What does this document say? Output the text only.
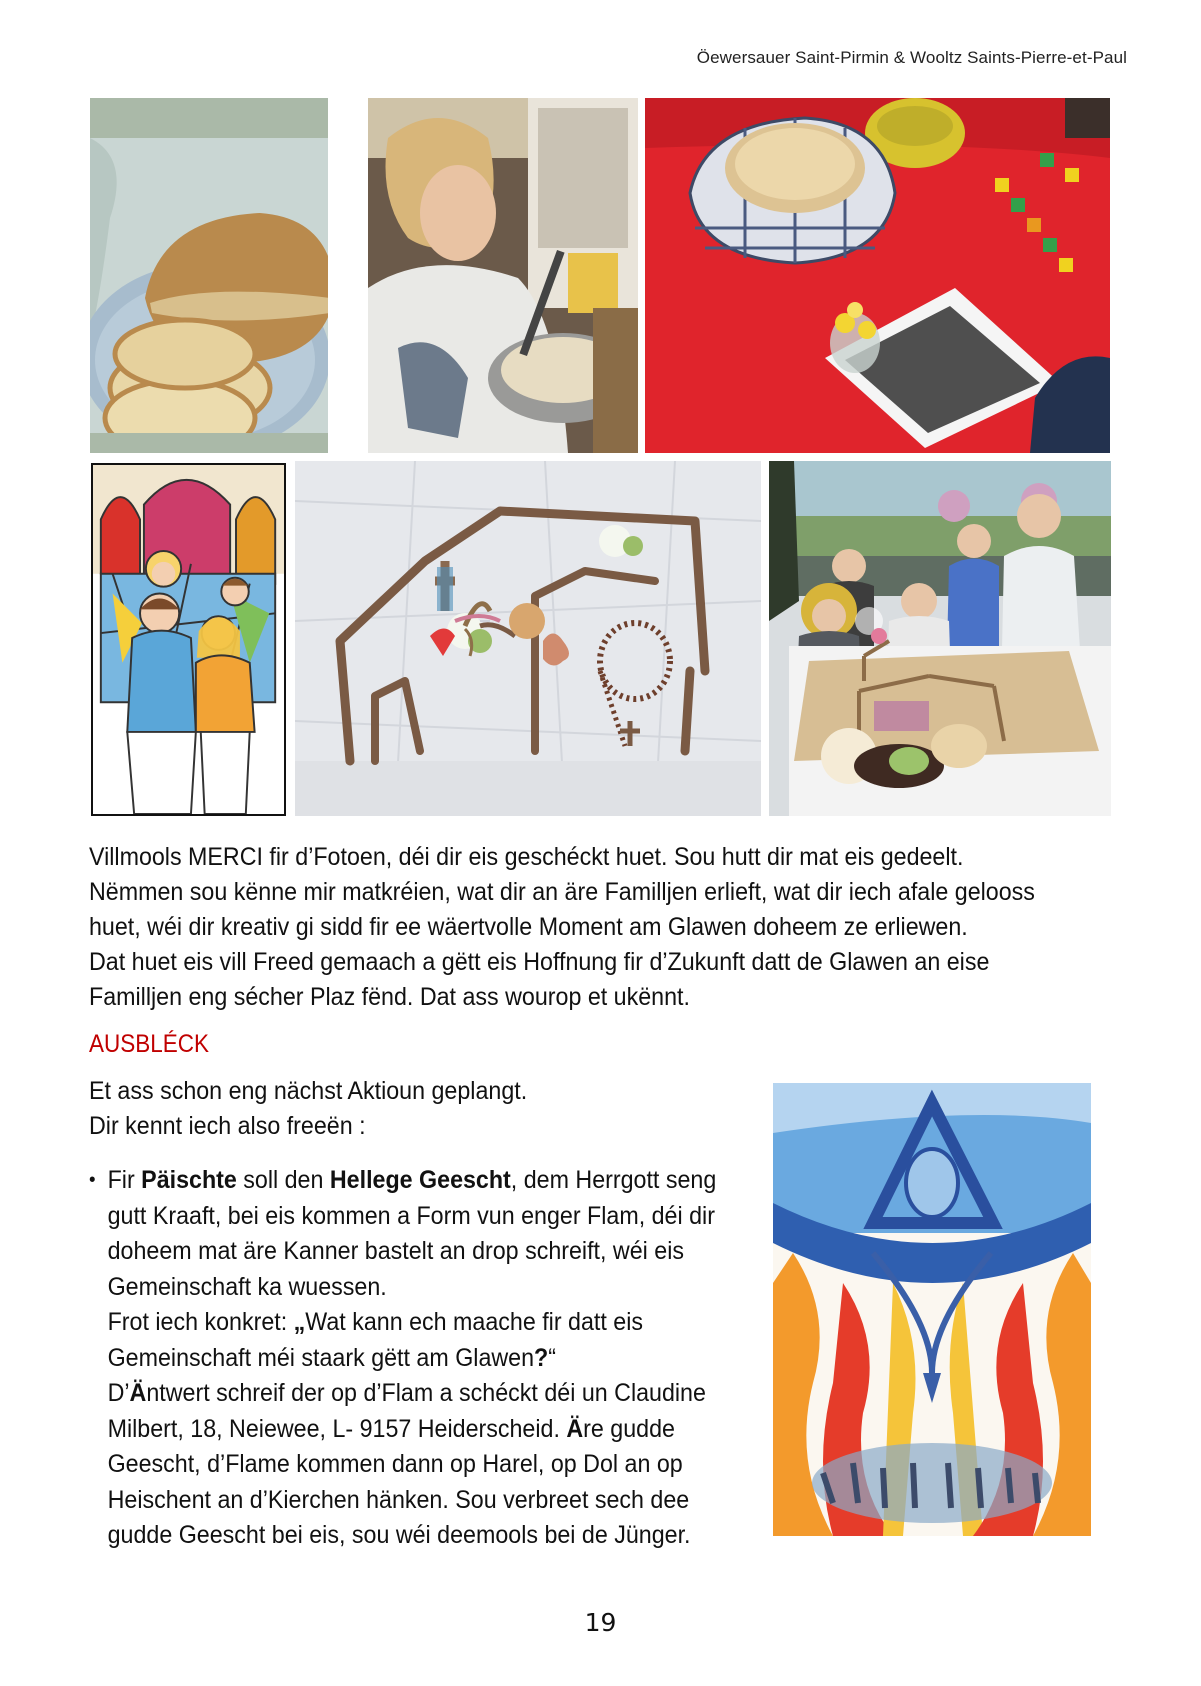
Öewersauer Saint-Pirmin & Wooltz Saints-Pierre-et-Paul

Villmools MERCI fir d’Fotoen, déi dir eis geschéckt huet. Sou hutt dir mat eis gedeelt.

Nëmmen sou kënne mir matkréien, wat dir an äre Familljen erlieft, wat dir iech afale gelooss

huet, wéi dir kreativ gi sidd fir ee wäertvolle Moment am Glawen doheem ze erliewen.

Dat huet eis vill Freed gemaach a gëtt eis Hoffnung fir d’Zukunft datt de Glawen an eise

Familljen eng sécher Plaz fënd. Dat ass wourop et ukënnt.

AUSBLÉCK

Et ass schon eng nächst Aktioun geplangt.

Dir kennt iech also freeën :

• Fir Päischte soll den Hellege Geescht, dem Herrgott seng gutt Kraaft, bei eis kommen a Form vun enger Flam, déi dir doheem mat äre Kanner bastelt an drop schreift, wéi eis Gemeinschaft ka wuessen.
Frot iech konkret: „Wat kann ech maache fir datt eis Gemeinschaft méi staark gëtt am Glawen?“
D’Äntwert schreif der op d’Flam a schéckt déi un Claudine Milbert, 18, Neiewee, L- 9157 Heiderscheid. Äre gudde Geescht, d’Flame kommen dann op Harel, op Dol an op Heischent an d’Kierchen hänken. Sou verbreet sech dee gudde Geescht bei eis, sou wéi deemools bei de Jünger.
19
